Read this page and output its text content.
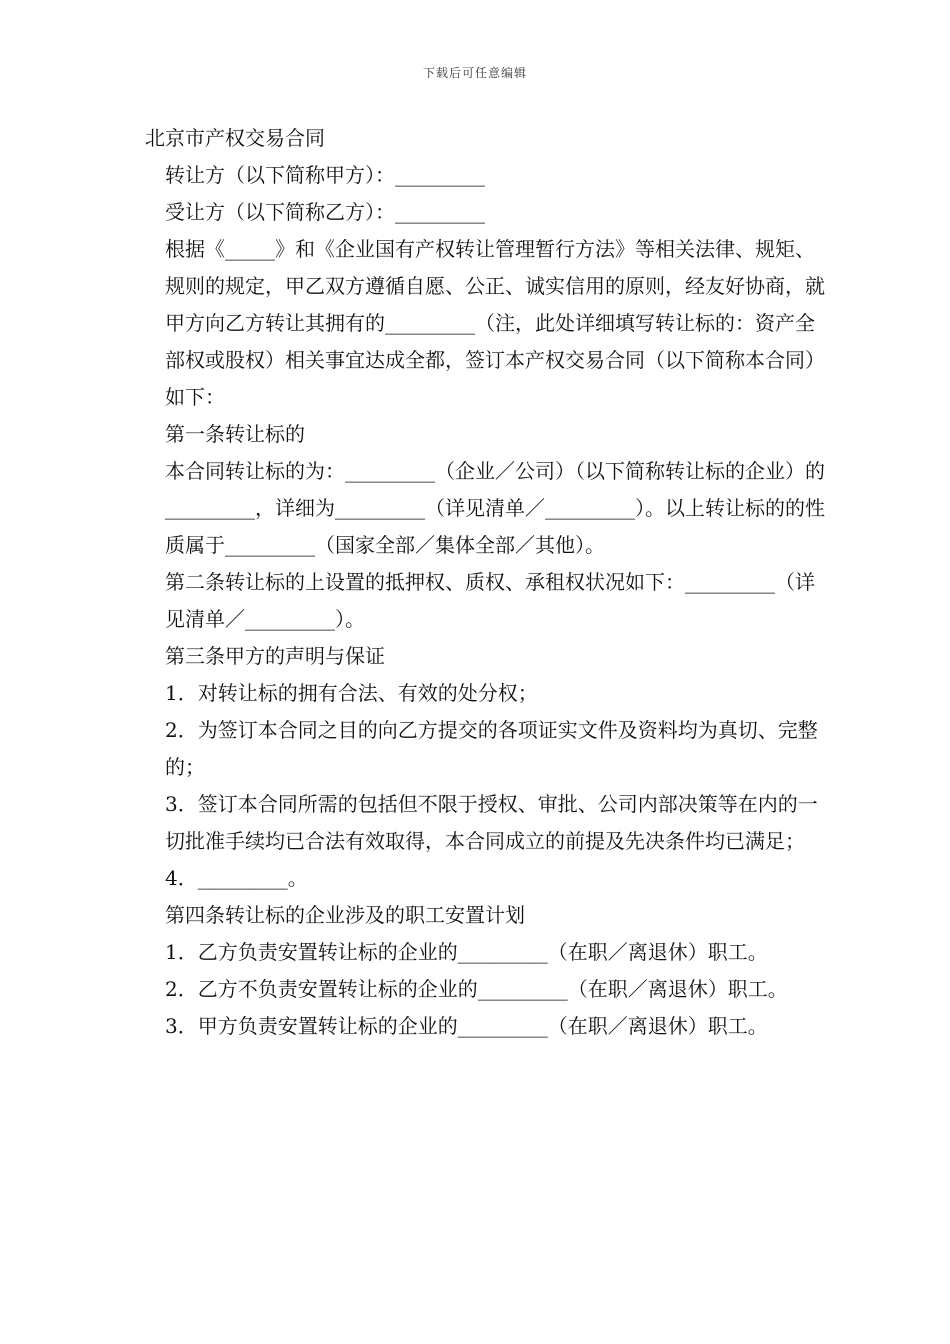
下载后可任意编辑

北京市产权交易合同

转让方（以下简称甲方）：_________

受让方（以下简称乙方）：_________

根据《_____》和《企业国有产权转让管理暂行方法》等相关法律、规矩、规则的规定，甲乙双方遵循自愿、公正、诚实信用的原则，经友好协商，就甲方向乙方转让其拥有的_________（注，此处详细填写转让标的：资产全部权或股权）相关事宜达成全都，签订本产权交易合同（以下简称本合同）如下：

第一条转让标的

本合同转让标的为：_________（企业／公司）（以下简称转让标的企业）的_________，详细为_________（详见清单／_________）。以上转让标的的性质属于_________（国家全部／集体全部／其他）。

第二条转让标的上设置的抵押权、质权、承租权状况如下：_________（详见清单／_________）。

第三条甲方的声明与保证

1．对转让标的拥有合法、有效的处分权；

2．为签订本合同之目的向乙方提交的各项证实文件及资料均为真切、完整的；

3．签订本合同所需的包括但不限于授权、审批、公司内部决策等在内的一切批准手续均已合法有效取得，本合同成立的前提及先决条件均已满足；

4．_________。

第四条转让标的企业涉及的职工安置计划

1．乙方负责安置转让标的企业的_________（在职／离退休）职工。

2．乙方不负责安置转让标的企业的_________（在职／离退休）职工。

3．甲方负责安置转让标的企业的_________（在职／离退休）职工。
